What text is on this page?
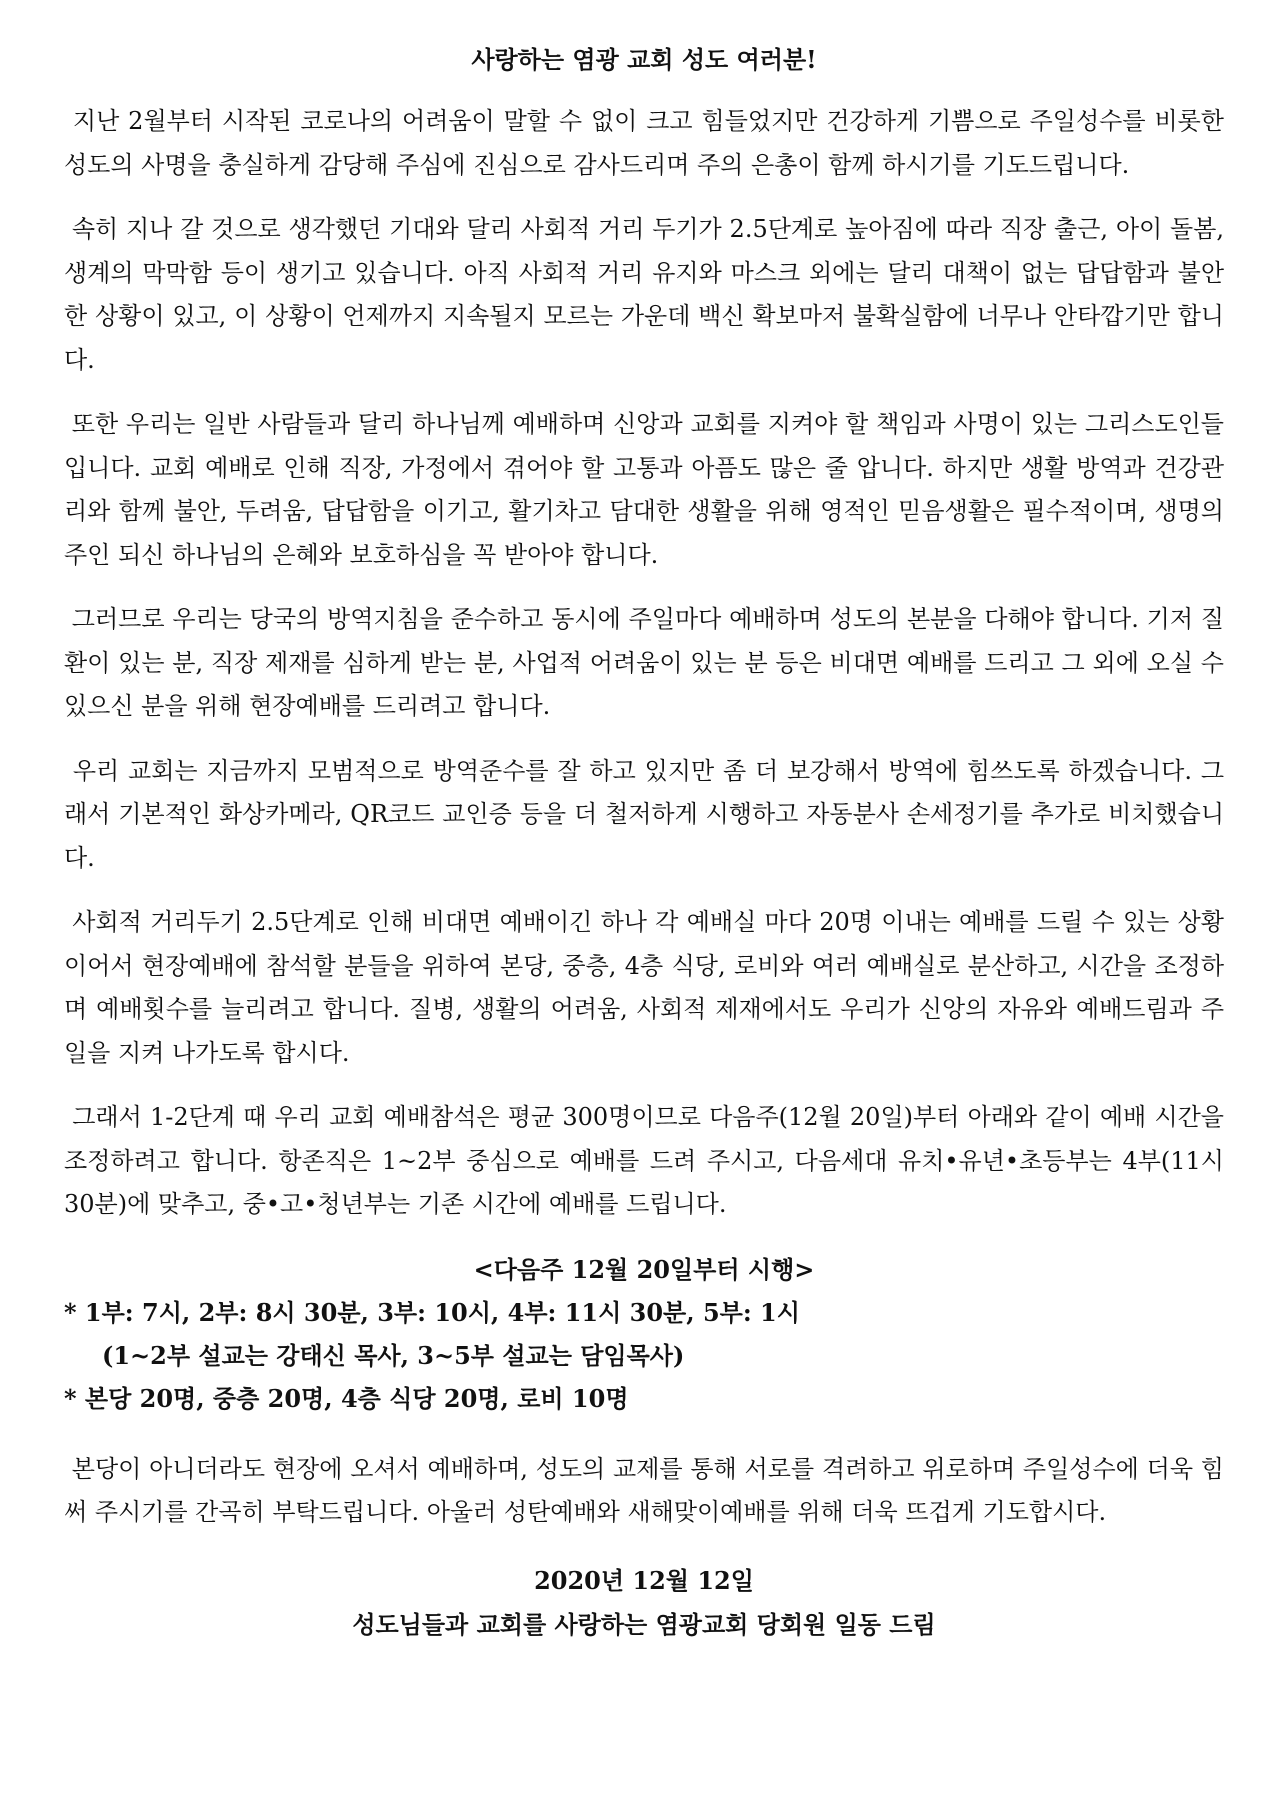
사랑하는 염광 교회 성도 여러분!

지난 2월부터 시작된 코로나의 어려움이 말할 수 없이 크고 힘들었지만 건강하게 기쁨으로 주일성수를 비롯한 성도의 사명을 충실하게 감당해 주심에 진심으로 감사드리며 주의 은총이 함께 하시기를 기도드립니다.

속히 지나 갈 것으로 생각했던 기대와 달리 사회적 거리 두기가 2.5단계로 높아짐에 따라 직장 출근, 아이 돌봄, 생계의 막막함 등이 생기고 있습니다. 아직 사회적 거리 유지와 마스크 외에는 달리 대책이 없는 답답함과 불안한 상황이 있고, 이 상황이 언제까지 지속될지 모르는 가운데 백신 확보마저 불확실함에 너무나 안타깝기만 합니다.

또한 우리는 일반 사람들과 달리 하나님께 예배하며 신앙과 교회를 지켜야 할 책임과 사명이 있는 그리스도인들입니다. 교회 예배로 인해 직장, 가정에서 겪어야 할 고통과 아픔도 많은 줄 압니다. 하지만 생활 방역과 건강관리와 함께 불안, 두려움, 답답함을 이기고, 활기차고 담대한 생활을 위해 영적인 믿음생활은 필수적이며, 생명의 주인 되신 하나님의 은혜와 보호하심을 꼭 받아야 합니다.

그러므로 우리는 당국의 방역지침을 준수하고 동시에 주일마다 예배하며 성도의 본분을 다해야 합니다. 기저 질환이 있는 분, 직장 제재를 심하게 받는 분, 사업적 어려움이 있는 분 등은 비대면 예배를 드리고 그 외에 오실 수 있으신 분을 위해 현장예배를 드리려고 합니다.

우리 교회는 지금까지 모범적으로 방역준수를 잘 하고 있지만 좀 더 보강해서 방역에 힘쓰도록 하겠습니다. 그래서 기본적인 화상카메라, QR코드 교인증 등을 더 철저하게 시행하고 자동분사 손세정기를 추가로 비치했습니다.

사회적 거리두기 2.5단계로 인해 비대면 예배이긴 하나 각 예배실 마다 20명 이내는 예배를 드릴 수 있는 상황이어서 현장예배에 참석할 분들을 위하여 본당, 중층, 4층 식당, 로비와 여러 예배실로 분산하고, 시간을 조정하며 예배횟수를 늘리려고 합니다. 질병, 생활의 어려움, 사회적 제재에서도 우리가 신앙의 자유와 예배드림과 주일을 지켜 나가도록 합시다.

그래서 1-2단계 때 우리 교회 예배참석은 평균 300명이므로 다음주(12월 20일)부터 아래와 같이 예배 시간을 조정하려고 합니다. 항존직은 1~2부 중심으로 예배를 드려 주시고, 다음세대 유치•유년•초등부는 4부(11시 30분)에 맞추고, 중•고•청년부는 기존 시간에 예배를 드립니다.

<다음주 12월 20일부터 시행>
* 1부: 7시, 2부: 8시 30분, 3부: 10시, 4부: 11시 30분, 5부: 1시
(1~2부 설교는 강태신 목사, 3~5부 설교는 담임목사)
* 본당 20명, 중층 20명, 4층 식당 20명, 로비 10명

본당이 아니더라도 현장에 오셔서 예배하며, 성도의 교제를 통해 서로를 격려하고 위로하며 주일성수에 더욱 힘써 주시기를 간곡히 부탁드립니다. 아울러 성탄예배와 새해맞이예배를 위해 더욱 뜨겁게 기도합시다.

2020년 12월 12일
성도님들과 교회를 사랑하는 염광교회 당회원 일동 드림
